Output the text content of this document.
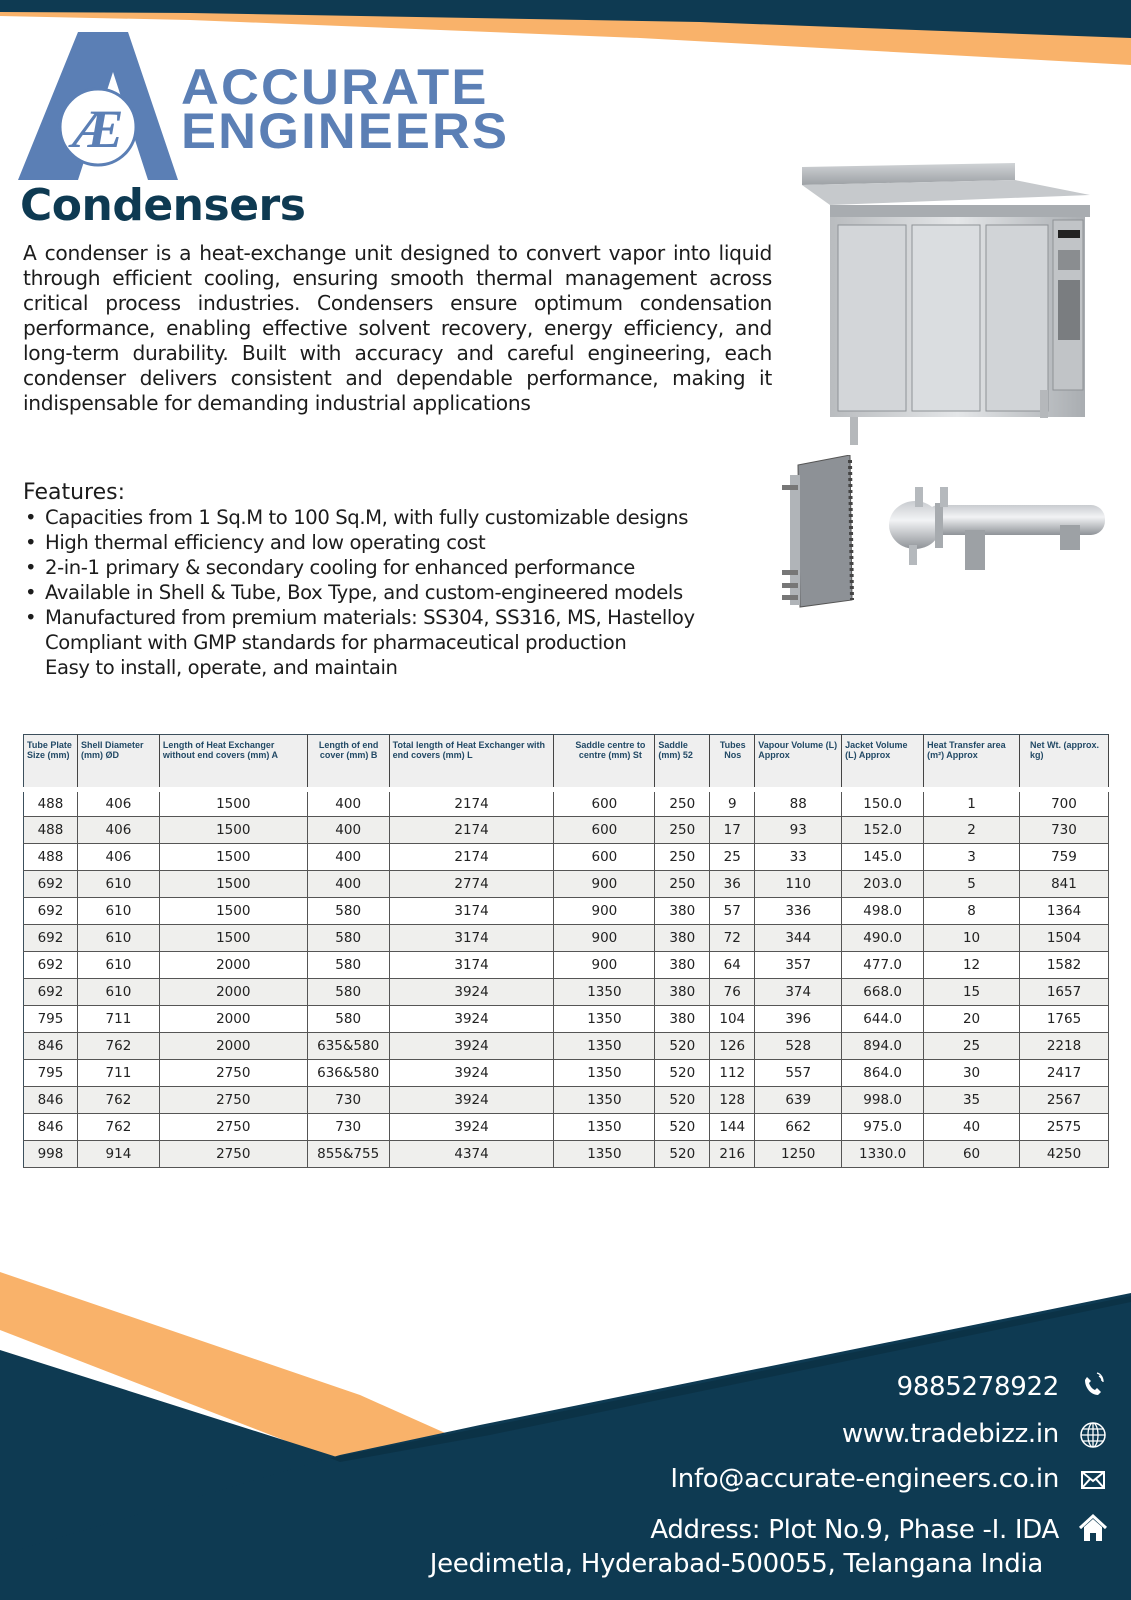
Æ
ACCURATE
ENGINEERS
Condensers

A condenser is a heat-exchange unit designed to convert vapor into liquid through efficient cooling, ensuring smooth thermal management across critical process industries. Condensers ensure optimum condensation performance, enabling effective solvent recovery, energy efficiency, and long-term durability. Built with accuracy and careful engineering, each condenser delivers consistent and dependable performance, making it indispensable for demanding industrial applications

Features:
• Capacities from 1 Sq.M to 100 Sq.M, with fully customizable designs
• High thermal efficiency and low operating cost
• 2-in-1 primary & secondary cooling for enhanced performance
• Available in Shell & Tube, Box Type, and custom-engineered models
• Manufactured from premium materials: SS304, SS316, MS, Hastelloy
Compliant with GMP standards for pharmaceutical production
Easy to install, operate, and maintain
Tube Plate Size (mm)	Shell Diameter (mm) ØD	Length of Heat Exchanger without end covers (mm) A	Length of end cover (mm) B	Total length of Heat Exchanger with end covers (mm) L	Saddle centre to centre (mm) St	Saddle (mm) 52	Tubes Nos	Vapour Volume (L) Approx	Jacket Volume (L) Approx	Heat Transfer area (m²) Approx	Net Wt. (approx. kg)
488	406	1500	400	2174	600	250	9	88	150.0	1	700
488	406	1500	400	2174	600	250	17	93	152.0	2	730
488	406	1500	400	2174	600	250	25	33	145.0	3	759
692	610	1500	400	2774	900	250	36	110	203.0	5	841
692	610	1500	580	3174	900	380	57	336	498.0	8	1364
692	610	1500	580	3174	900	380	72	344	490.0	10	1504
692	610	2000	580	3174	900	380	64	357	477.0	12	1582
692	610	2000	580	3924	1350	380	76	374	668.0	15	1657
795	711	2000	580	3924	1350	380	104	396	644.0	20	1765
846	762	2000	635&580	3924	1350	520	126	528	894.0	25	2218
795	711	2750	636&580	3924	1350	520	112	557	864.0	30	2417
846	762	2750	730	3924	1350	520	128	639	998.0	35	2567
846	762	2750	730	3924	1350	520	144	662	975.0	40	2575
998	914	2750	855&755	4374	1350	520	216	1250	1330.0	60	4250
9885278922
www.tradebizz.in
Info@accurate-engineers.co.in
Address: Plot No.9, Phase -I. IDA
Jeedimetla, Hyderabad-500055, Telangana India
